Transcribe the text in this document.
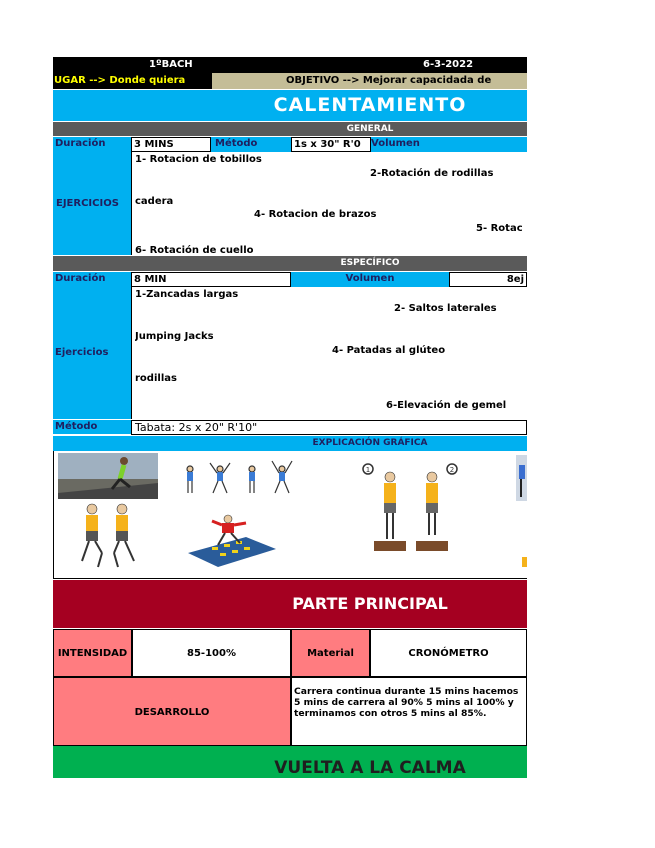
1ºBACH	6-3-2022
UGAR --> Donde quiera	OBJETIVO --> Mejorar capacidada de
CALENTAMIENTO
GENERAL
Duración	3 MINS	Método	1s x 30" R'0	Volumen
EJERCICIOS
1- Rotacion de tobillos
2-Rotación de rodillas
cadera
4- Rotacion de brazos
5- Rotac
6- Rotación de cuello
ESPECÍFICO
Duración	8 MIN	Volumen	8ej
Ejercicios
1-Zancadas largas
2- Saltos laterales
Jumping Jacks
4- Patadas al glúteo
rodillas
6-Elevación de gemel
Método	Tabata: 2s x 20" R'10"
EXPLICACIÓN GRÁFICA
1	2
PARTE PRINCIPAL
INTENSIDAD	85-100%	Material	CRONÓMETRO
DESARROLLO
Carrera continua durante 15 mins hacemos 5 mins de carrera al 90% 5 mins al 100% y terminamos con otros 5 mins al 85%.
VUELTA A LA CALMA
